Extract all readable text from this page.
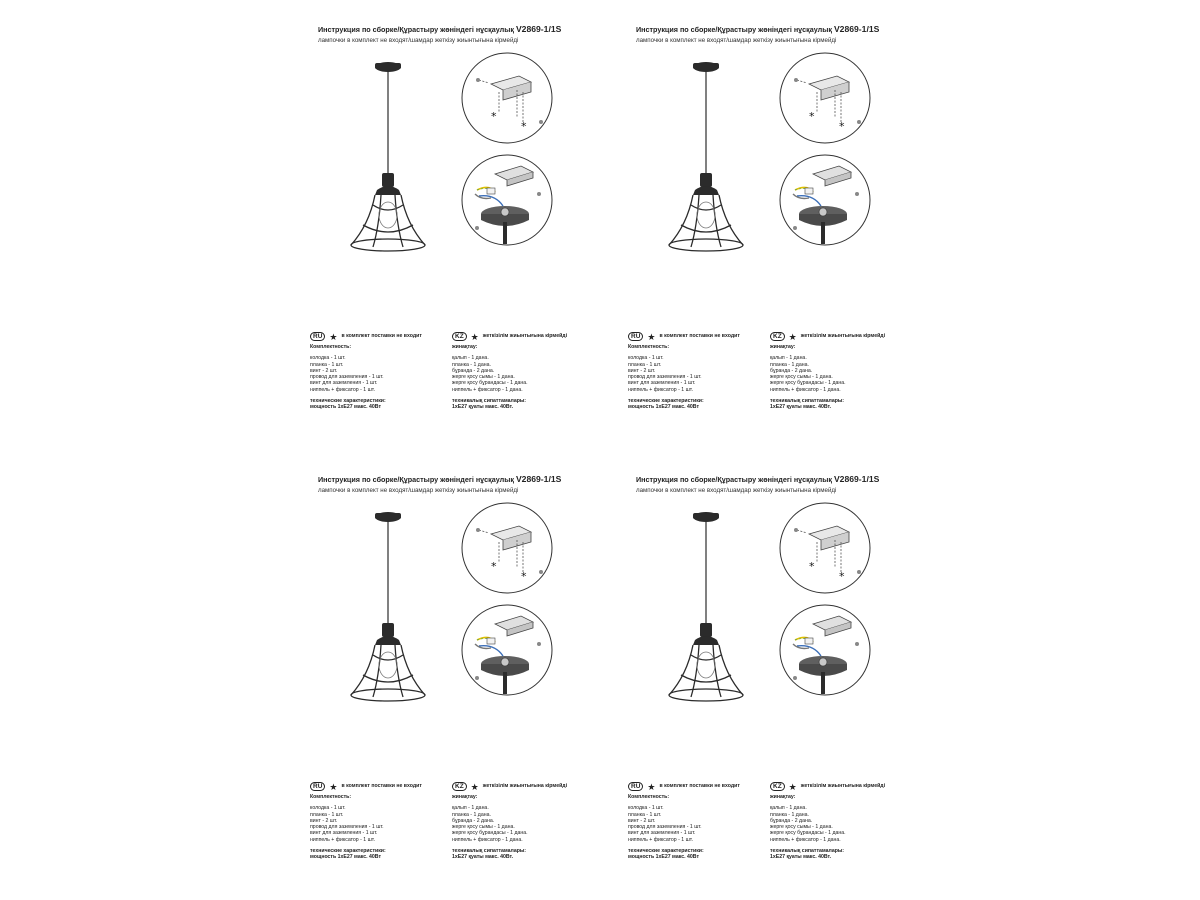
Инструкция по сборке/Құрастыру жөніндегі нұсқаулық V2869-1/1S
лампочки в комплект не входят/шамдар жеткізу жиынтығына кірмейді
*
*
RU ★ в комплект поставки не входит
Комплектность:
колодка - 1 шт.
планка - 1 шт.
винт - 2 шт.
провод для заземления - 1 шт.
винт для заземления - 1 шт.
ниппель + фиксатор - 1 шт.
технические характеристики:
мощность 1хЕ27 макс. 40Вт
KZ ★ жеткізілім жиынтығына кірмейді
жинақтау:
қалып - 1 дана.
планка - 1 дана.
бұранда - 2 дана.
жерге қосу сымы - 1 дана.
жерге қосу бұрандасы - 1 дана.
ниппель + фиксатор - 1 дана.
техникалық сипаттамалары:
1хЕ27 қуаты макс. 40Вт.
Инструкция по сборке/Құрастыру жөніндегі нұсқаулық V2869-1/1S
лампочки в комплект не входят/шамдар жеткізу жиынтығына кірмейді
*
*
RU ★ в комплект поставки не входит
Комплектность:
колодка - 1 шт.
планка - 1 шт.
винт - 2 шт.
провод для заземления - 1 шт.
винт для заземления - 1 шт.
ниппель + фиксатор - 1 шт.
технические характеристики:
мощность 1хЕ27 макс. 40Вт
KZ ★ жеткізілім жиынтығына кірмейді
жинақтау:
қалып - 1 дана.
планка - 1 дана.
бұранда - 2 дана.
жерге қосу сымы - 1 дана.
жерге қосу бұрандасы - 1 дана.
ниппель + фиксатор - 1 дана.
техникалық сипаттамалары:
1хЕ27 қуаты макс. 40Вт.
Инструкция по сборке/Құрастыру жөніндегі нұсқаулық V2869-1/1S
лампочки в комплект не входят/шамдар жеткізу жиынтығына кірмейді
*
*
RU ★ в комплект поставки не входит
Комплектность:
колодка - 1 шт.
планка - 1 шт.
винт - 2 шт.
провод для заземления - 1 шт.
винт для заземления - 1 шт.
ниппель + фиксатор - 1 шт.
технические характеристики:
мощность 1хЕ27 макс. 40Вт
KZ ★ жеткізілім жиынтығына кірмейді
жинақтау:
қалып - 1 дана.
планка - 1 дана.
бұранда - 2 дана.
жерге қосу сымы - 1 дана.
жерге қосу бұрандасы - 1 дана.
ниппель + фиксатор - 1 дана.
техникалық сипаттамалары:
1хЕ27 қуаты макс. 40Вт.
Инструкция по сборке/Құрастыру жөніндегі нұсқаулық V2869-1/1S
лампочки в комплект не входят/шамдар жеткізу жиынтығына кірмейді
*
*
RU ★ в комплект поставки не входит
Комплектность:
колодка - 1 шт.
планка - 1 шт.
винт - 2 шт.
провод для заземления - 1 шт.
винт для заземления - 1 шт.
ниппель + фиксатор - 1 шт.
технические характеристики:
мощность 1хЕ27 макс. 40Вт
KZ ★ жеткізілім жиынтығына кірмейді
жинақтау:
қалып - 1 дана.
планка - 1 дана.
бұранда - 2 дана.
жерге қосу сымы - 1 дана.
жерге қосу бұрандасы - 1 дана.
ниппель + фиксатор - 1 дана.
техникалық сипаттамалары:
1хЕ27 қуаты макс. 40Вт.
